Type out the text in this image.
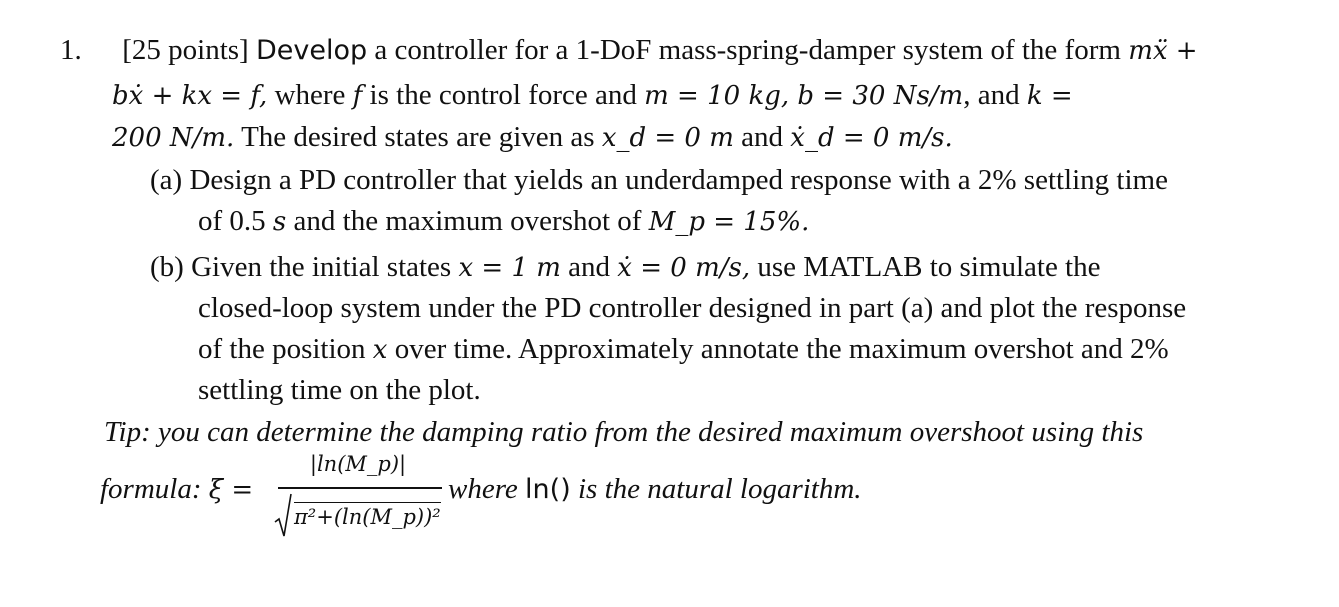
1. [25 points] Develop a controller for a 1-DoF mass-spring-damper system of the form mẍ +
bẋ + kx = f, where f is the control force and m = 10 kg, b = 30 Ns/m, and k =
200 N/m. The desired states are given as x_d = 0 m and ẋ_d = 0 m/s.
(a) Design a PD controller that yields an underdamped response with a 2% settling time
of 0.5 s and the maximum overshot of M_p = 15%.
(b) Given the initial states x = 1 m and ẋ = 0 m/s, use MATLAB to simulate the
closed-loop system under the PD controller designed in part (a) and plot the response
of the position x over time. Approximately annotate the maximum overshot and 2%
settling time on the plot.
Tip: you can determine the damping ratio from the desired maximum overshoot using this
formula: ξ =
|ln(M_p)|
π²+(ln(M_p))²
where ln() is the natural logarithm.
